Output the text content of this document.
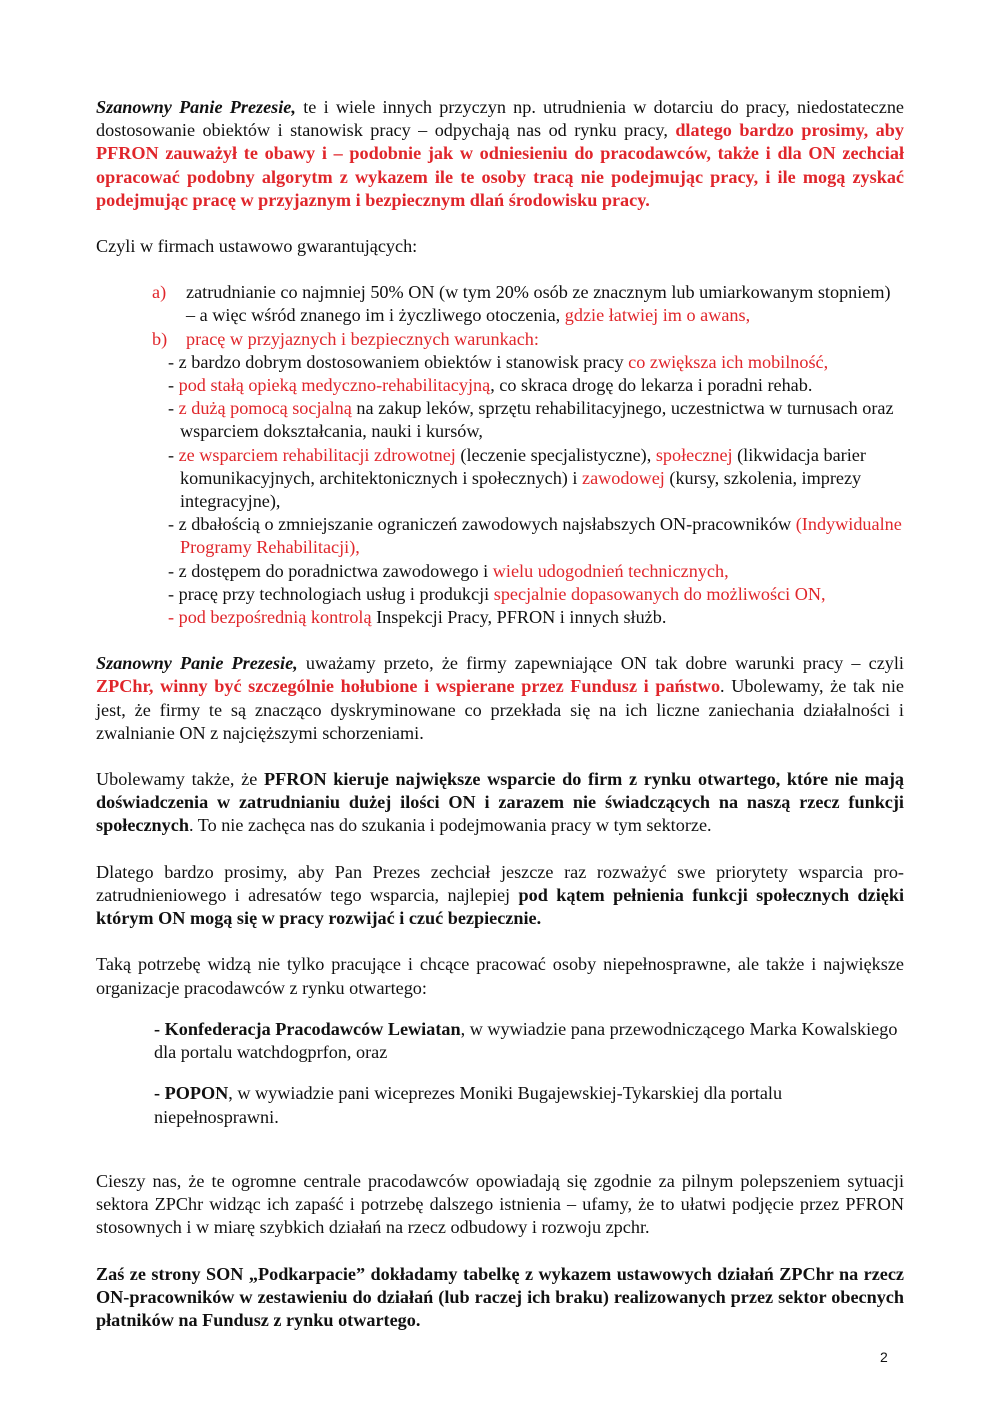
Szanowny Panie Prezesie, te i wiele innych przyczyn np. utrudnienia w dotarciu do pracy, niedostateczne dostosowanie obiektów i stanowisk pracy – odpychają nas od rynku pracy, dlatego bardzo prosimy, aby PFRON zauważył te obawy i – podobnie jak w odniesieniu do pracodawców, także i dla ON zechciał opracować podobny algorytm z wykazem ile te osoby tracą nie podejmując pracy, i ile mogą zyskać podejmując pracę w przyjaznym i bezpiecznym dlań środowisku pracy.

Czyli w firmach ustawowo gwarantujących:

a) zatrudnianie co najmniej 50% ON (w tym 20% osób ze znacznym lub umiarkowanym stopniem) – a więc wśród znanego im i życzliwego otoczenia, gdzie łatwiej im o awans,

b) pracę w przyjaznych i bezpiecznych warunkach:

- z bardzo dobrym dostosowaniem obiektów i stanowisk pracy co zwiększa ich mobilność,

- pod stałą opieką medyczno-rehabilitacyjną, co skraca drogę do lekarza i poradni rehab.

- z dużą pomocą socjalną na zakup leków, sprzętu rehabilitacyjnego, uczestnictwa w turnusach oraz wsparciem dokształcania, nauki i kursów,

- ze wsparciem rehabilitacji zdrowotnej (leczenie specjalistyczne), społecznej (likwidacja barier komunikacyjnych, architektonicznych i społecznych) i zawodowej (kursy, szkolenia, imprezy integracyjne),

- z dbałością o zmniejszanie ograniczeń zawodowych najsłabszych ON-pracowników (Indywidualne Programy Rehabilitacji),

- z dostępem do poradnictwa zawodowego i wielu udogodnień technicznych,

- pracę przy technologiach usług i produkcji specjalnie dopasowanych do możliwości ON,

- pod bezpośrednią kontrolą Inspekcji Pracy, PFRON i innych służb.

Szanowny Panie Prezesie, uważamy przeto, że firmy zapewniające ON tak dobre warunki pracy – czyli ZPChr, winny być szczególnie hołubione i wspierane przez Fundusz i państwo. Ubolewamy, że tak nie jest, że firmy te są znacząco dyskryminowane co przekłada się na ich liczne zaniechania działalności i zwalnianie ON z najcięższymi schorzeniami.

Ubolewamy także, że PFRON kieruje największe wsparcie do firm z rynku otwartego, które nie mają doświadczenia w zatrudnianiu dużej ilości ON i zarazem nie świadczących na naszą rzecz funkcji społecznych. To nie zachęca nas do szukania i podejmowania pracy w tym sektorze.

Dlatego bardzo prosimy, aby Pan Prezes zechciał jeszcze raz rozważyć swe priorytety wsparcia pro-zatrudnieniowego i adresatów tego wsparcia, najlepiej pod kątem pełnienia funkcji społecznych dzięki którym ON mogą się w pracy rozwijać i czuć bezpiecznie.

Taką potrzebę widzą nie tylko pracujące i chcące pracować osoby niepełnosprawne, ale także i największe organizacje pracodawców z rynku otwartego:

- Konfederacja Pracodawców Lewiatan, w wywiadzie pana przewodniczącego Marka Kowalskiego dla portalu watchdogprfon, oraz

- POPON, w wywiadzie pani wiceprezes Moniki Bugajewskiej-Tykarskiej dla portalu niepełnosprawni.

Cieszy nas, że te ogromne centrale pracodawców opowiadają się zgodnie za pilnym polepszeniem sytuacji sektora ZPChr widząc ich zapaść i potrzebę dalszego istnienia – ufamy, że to ułatwi podjęcie przez PFRON stosownych i w miarę szybkich działań na rzecz odbudowy i rozwoju zpchr.

Zaś ze strony SON „Podkarpacie” dokładamy tabelkę z wykazem ustawowych działań ZPChr na rzecz ON-pracowników w zestawieniu do działań (lub raczej ich braku) realizowanych przez sektor obecnych płatników na Fundusz z rynku otwartego.

2
